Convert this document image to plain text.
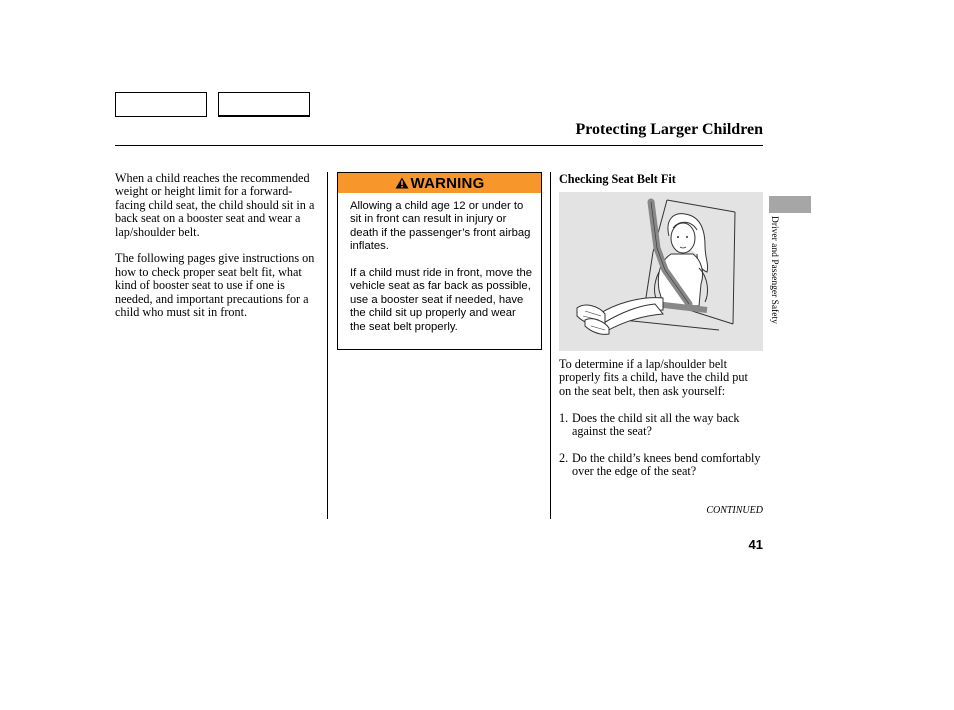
Protecting Larger Children

When a child reaches the recommended weight or height limit for a forward-facing child seat, the child should sit in a back seat on a booster seat and wear a lap/shoulder belt.

The following pages give instructions on how to check proper seat belt fit, what kind of booster seat to use if one is needed, and important precautions for a child who must sit in front.

WARNING

Allowing a child age 12 or under to sit in front can result in injury or death if the passenger’s front airbag inflates.

If a child must ride in front, move the vehicle seat as far back as possible, use a booster seat if needed, have the child sit up properly and wear the seat belt properly.

Checking Seat Belt Fit

To determine if a lap/shoulder belt properly fits a child, have the child put on the seat belt, then ask yourself:

1. Does the child sit all the way back against the seat?
2. Do the child’s knees bend comfortably over the edge of the seat?
CONTINUED
41
Driver and Passenger Safety
